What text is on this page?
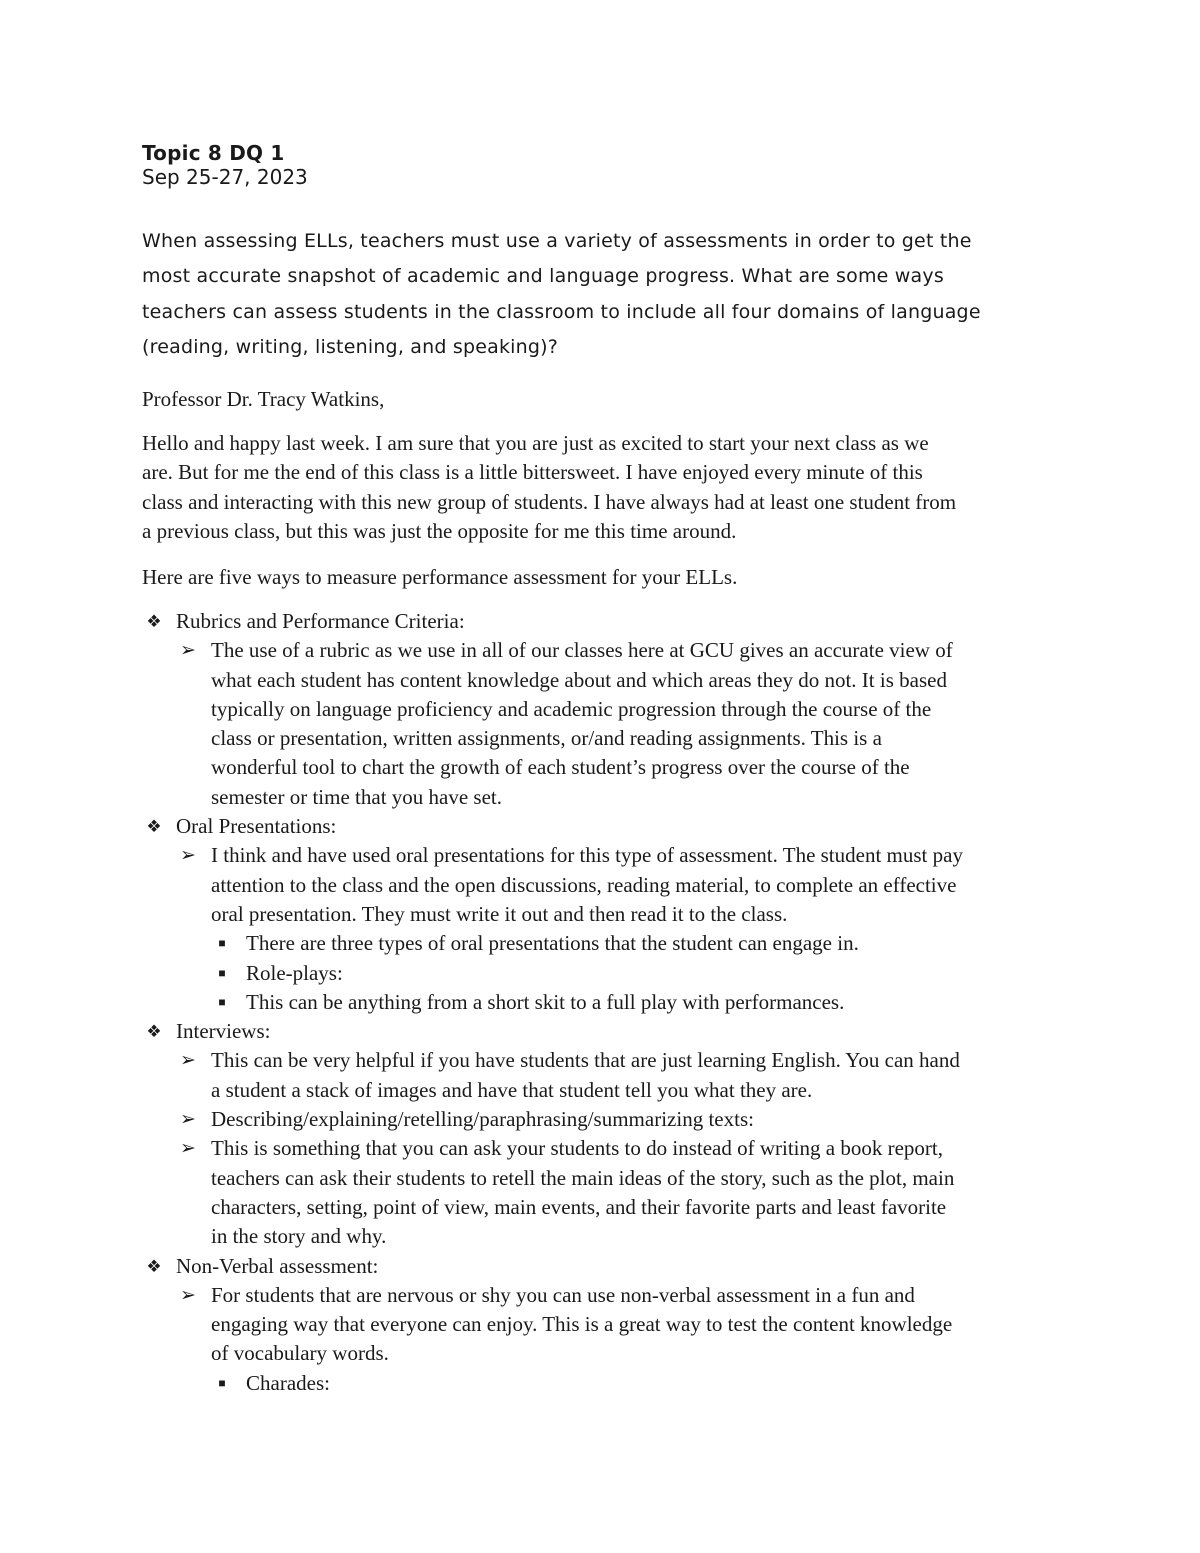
Topic 8 DQ 1
Sep 25-27, 2023
When assessing ELLs, teachers must use a variety of assessments in order to get the
most accurate snapshot of academic and language progress. What are some ways
teachers can assess students in the classroom to include all four domains of language
(reading, writing, listening, and speaking)?
Professor Dr. Tracy Watkins,
Hello and happy last week. I am sure that you are just as excited to start your next class as we
are. But for me the end of this class is a little bittersweet. I have enjoyed every minute of this
class and interacting with this new group of students. I have always had at least one student from
a previous class, but this was just the opposite for me this time around.
Here are five ways to measure performance assessment for your ELLs.
❖ Rubrics and Performance Criteria:
➢ The use of a rubric as we use in all of our classes here at GCU gives an accurate view of
what each student has content knowledge about and which areas they do not. It is based
typically on language proficiency and academic progression through the course of the
class or presentation, written assignments, or/and reading assignments. This is a
wonderful tool to chart the growth of each student’s progress over the course of the
semester or time that you have set.
❖ Oral Presentations:
➢ I think and have used oral presentations for this type of assessment. The student must pay
attention to the class and the open discussions, reading material, to complete an effective
oral presentation. They must write it out and then read it to the class.
■ There are three types of oral presentations that the student can engage in.
■ Role-plays:
■ This can be anything from a short skit to a full play with performances.
❖ Interviews:
➢ This can be very helpful if you have students that are just learning English. You can hand
a student a stack of images and have that student tell you what they are.
➢ Describing/explaining/retelling/paraphrasing/summarizing texts:
➢ This is something that you can ask your students to do instead of writing a book report,
teachers can ask their students to retell the main ideas of the story, such as the plot, main
characters, setting, point of view, main events, and their favorite parts and least favorite
in the story and why.
❖ Non-Verbal assessment:
➢ For students that are nervous or shy you can use non-verbal assessment in a fun and
engaging way that everyone can enjoy. This is a great way to test the content knowledge
of vocabulary words.
■ Charades:
